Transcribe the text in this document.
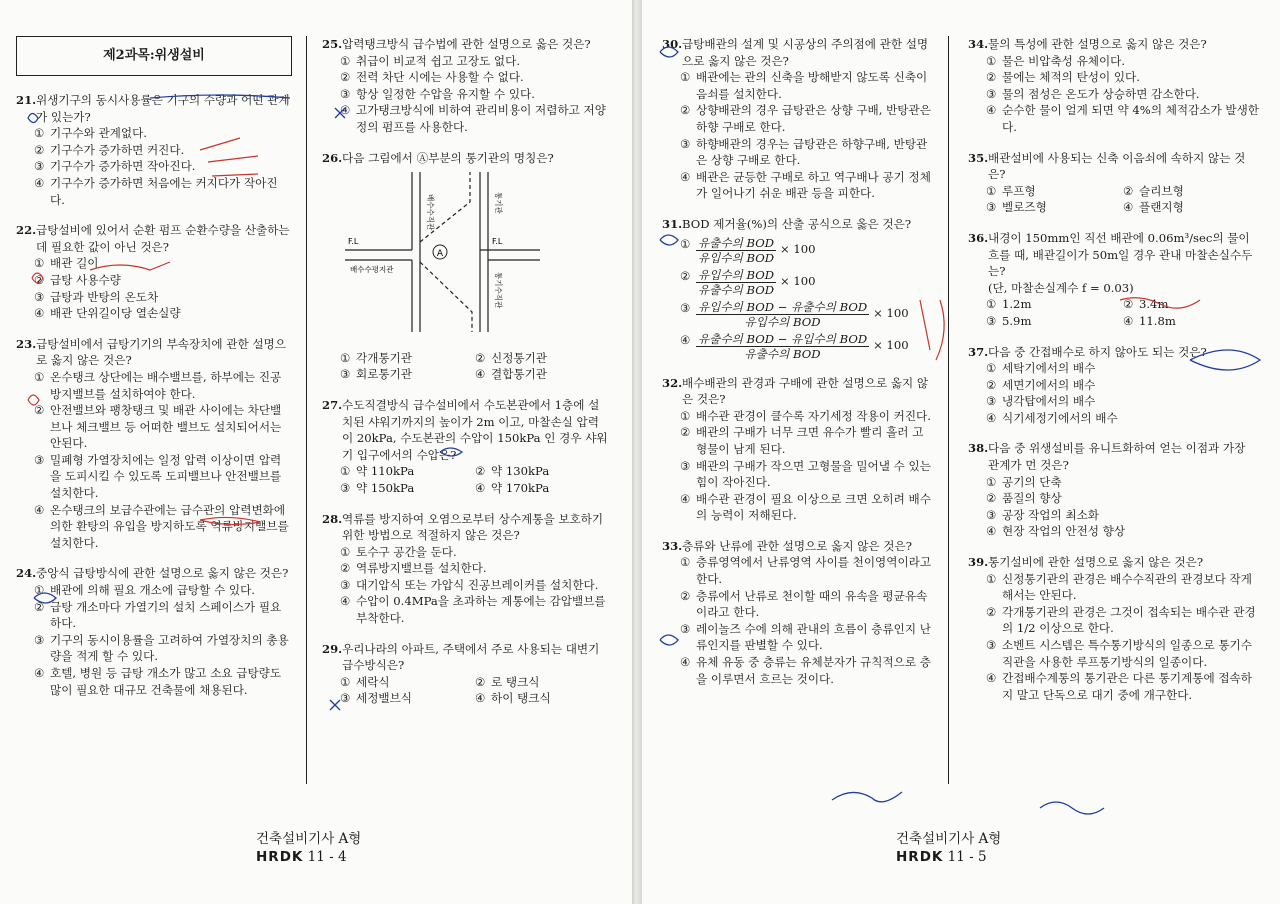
제2과목:위생설비
21. 위생기구의 동시사용률은 기구의 수량과 어떤 관계가 있는가?
① 기구수와 관계없다.
② 기구수가 증가하면 커진다.
③ 기구수가 증가하면 작아진다.
④ 기구수가 증가하면 처음에는 커지다가 작아진다.
22. 급탕설비에 있어서 순환 펌프 순환수량을 산출하는데 필요한 값이 아닌 것은?
① 배관 길이
② 급탕 사용수량
③ 급탕과 반탕의 온도차
④ 배관 단위길이당 열손실량
23. 급탕설비에서 급탕기기의 부속장치에 관한 설명으로 옳지 않은 것은?
① 온수탱크 상단에는 배수밸브를, 하부에는 진공방지밸브를 설치하여야 한다.
② 안전밸브와 팽창탱크 및 배관 사이에는 차단밸브나 체크밸브 등 어떠한 밸브도 설치되어서는 안된다.
③ 밀폐형 가열장치에는 일정 압력 이상이면 압력을 도피시킬 수 있도록 도피밸브나 안전밸브를 설치한다.
④ 온수탱크의 보급수관에는 급수관의 압력변화에 의한 환탕의 유입을 방지하도록 역류방지밸브를 설치한다.
24. 중앙식 급탕방식에 관한 설명으로 옳지 않은 것은?
① 배관에 의해 필요 개소에 급탕할 수 있다.
② 급탕 개소마다 가열기의 설치 스페이스가 필요하다.
③ 기구의 동시이용률을 고려하여 가열장치의 총용량을 적게 할 수 있다.
④ 호텔, 병원 등 급탕 개소가 많고 소요 급탕량도 많이 필요한 대규모 건축물에 채용된다.
25. 압력탱크방식 급수법에 관한 설명으로 옳은 것은?
① 취급이 비교적 쉽고 고장도 없다.
② 전력 차단 시에는 사용할 수 없다.
③ 항상 일정한 수압을 유지할 수 있다.
④ 고가탱크방식에 비하여 관리비용이 저렴하고 저양정의 펌프를 사용한다.
26. 다음 그림에서 Ⓐ부분의 통기관의 명칭은?
A
F.L	F.L
배수수평지관
배수수직관	통기관
통기수직관
① 각개통기관	② 신정통기관
③ 회로통기관	④ 결합통기관
27. 수도직결방식 급수설비에서 수도본관에서 1층에 설치된 샤워기까지의 높이가 2m 이고, 마찰손실 압력이 20kPa, 수도본관의 수압이 150kPa 인 경우 샤워기 입구에서의 수압은?
① 약 110kPa	② 약 130kPa
③ 약 150kPa	④ 약 170kPa
28. 역류를 방지하여 오염으로부터 상수계통을 보호하기 위한 방법으로 적절하지 않은 것은?
① 토수구 공간을 둔다.
② 역류방지밸브를 설치한다.
③ 대기압식 또는 가압식 진공브레이커를 설치한다.
④ 수압이 0.4MPa을 초과하는 계통에는 감압밸브를 부착한다.
29. 우리나라의 아파트, 주택에서 주로 사용되는 대변기 급수방식은?
① 세락식	② 로 탱크식
③ 세정밸브식	④ 하이 탱크식
건축설비기사 A형
HRDK 11 - 4
30. 급탕배관의 설계 및 시공상의 주의점에 관한 설명으로 옳지 않은 것은?
① 배관에는 관의 신축을 방해받지 않도록 신축이음쇠를 설치한다.
② 상향배관의 경우 급탕관은 상향 구배, 반탕관은 하향 구배로 한다.
③ 하향배관의 경우는 급탕관은 하향구배, 반탕관은 상향 구배로 한다.
④ 배관은 균등한 구배로 하고 역구배나 공기 정체가 일어나기 쉬운 배관 등을 피한다.
31. BOD 제거율(%)의 산출 공식으로 옳은 것은?
① $\frac{\text{유출수의 BOD}}{\text{유입수의 BOD}} \times 100$
② $\frac{\text{유입수의 BOD}}{\text{유출수의 BOD}} \times 100$
③ $\frac{\text{유입수의 BOD − 유출수의 BOD}}{\text{유입수의 BOD}} \times 100$
④ $\frac{\text{유출수의 BOD − 유입수의 BOD}}{\text{유출수의 BOD}} \times 100$
32. 배수배관의 관경과 구배에 관한 설명으로 옳지 않은 것은?
① 배수관 관경이 클수록 자기세정 작용이 커진다.
② 배관의 구배가 너무 크면 유수가 빨리 흘러 고형물이 남게 된다.
③ 배관의 구배가 작으면 고형물을 밀어낼 수 있는 힘이 작아진다.
④ 배수관 관경이 필요 이상으로 크면 오히려 배수의 능력이 저해된다.
33. 층류와 난류에 관한 설명으로 옳지 않은 것은?
① 층류영역에서 난류영역 사이를 천이영역이라고 한다.
② 층류에서 난류로 천이할 때의 유속을 평균유속이라고 한다.
③ 레이놀즈 수에 의해 관내의 흐름이 층류인지 난류인지를 판별할 수 있다.
④ 유체 유동 중 층류는 유체분자가 규칙적으로 층을 이루면서 흐르는 것이다.
34. 물의 특성에 관한 설명으로 옳지 않은 것은?
① 물은 비압축성 유체이다.
② 물에는 체적의 탄성이 있다.
③ 물의 점성은 온도가 상승하면 감소한다.
④ 순수한 물이 얼게 되면 약 4%의 체적감소가 발생한다.
35. 배관설비에 사용되는 신축 이음쇠에 속하지 않는 것은?
① 루프형	② 슬리브형
③ 벨로즈형	④ 플랜지형
36. 내경이 150mm인 직선 배관에 0.06m³/sec의 물이 흐를 때, 배관길이가 50m일 경우 관내 마찰손실수두는?
(단, 마찰손실계수 f = 0.03)
① 1.2m	② 3.4m
③ 5.9m	④ 11.8m
37. 다음 중 간접배수로 하지 않아도 되는 것은?
① 세탁기에서의 배수
② 세면기에서의 배수
③ 냉각탑에서의 배수
④ 식기세정기에서의 배수
38. 다음 중 위생설비를 유니트화하여 얻는 이점과 가장 관계가 먼 것은?
① 공기의 단축
② 품질의 향상
③ 공장 작업의 최소화
④ 현장 작업의 안전성 향상
39. 통기설비에 관한 설명으로 옳지 않은 것은?
① 신정통기관의 관경은 배수수직관의 관경보다 작게 해서는 안된다.
② 각개통기관의 관경은 그것이 접속되는 배수관 관경의 1/2 이상으로 한다.
③ 소벤트 시스템은 특수통기방식의 일종으로 통기수직관을 사용한 루프통기방식의 일종이다.
④ 간접배수계통의 통기관은 다른 통기계통에 접속하지 말고 단독으로 대기 중에 개구한다.
건축설비기사 A형
HRDK 11 - 5
